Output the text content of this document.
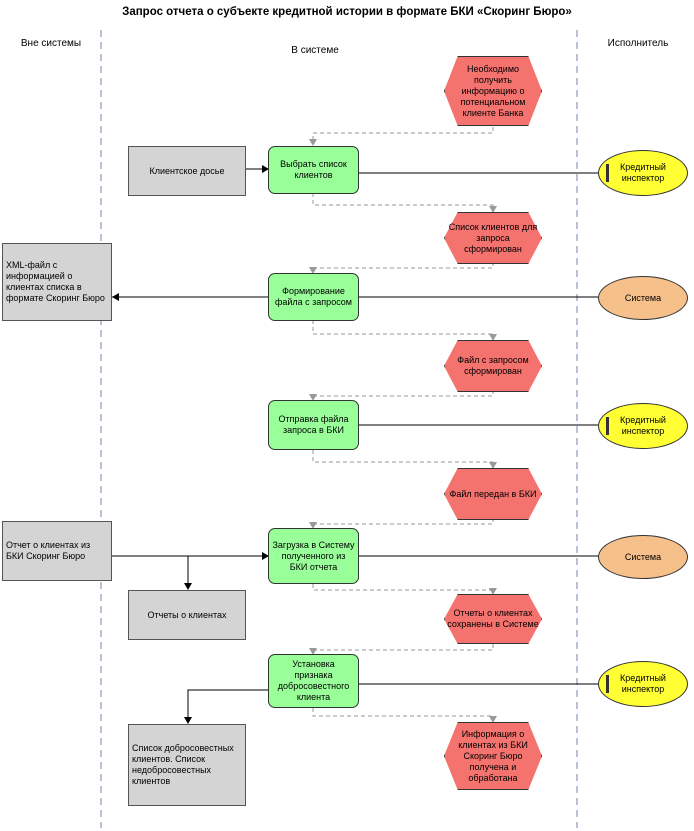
Запрос отчета о субъекте кредитной истории в формате БКИ «Скоринг Бюро»
Вне системы
В системе
Исполнитель
Необходимо получить информацию о потенциальном клиенте Банка
Клиентское досье
Выбрать список клиентов
Кредитный инспектор
Список клиентов для запроса сформирован
XML-файл с информацией о клиентах списка в формате Скоринг Бюро
Формирование файла с запросом	Система
Файл с запросом сформирован
Отправка файла запроса в БКИ
Кредитный инспектор
Файл передан в БКИ
Отчет о клиентах из БКИ Скоринг Бюро
Загрузка в Систему полученного из БКИ отчета
Система
Отчеты о клиентах	Отчеты о клиентах сохранены в Системе
Установка признака добросовестного клиента
Кредитный инспектор
Список добросовестных клиентов. Список недобросовестных клиентов
Информация о клиентах из БКИ Скоринг Бюро получена и обработана
